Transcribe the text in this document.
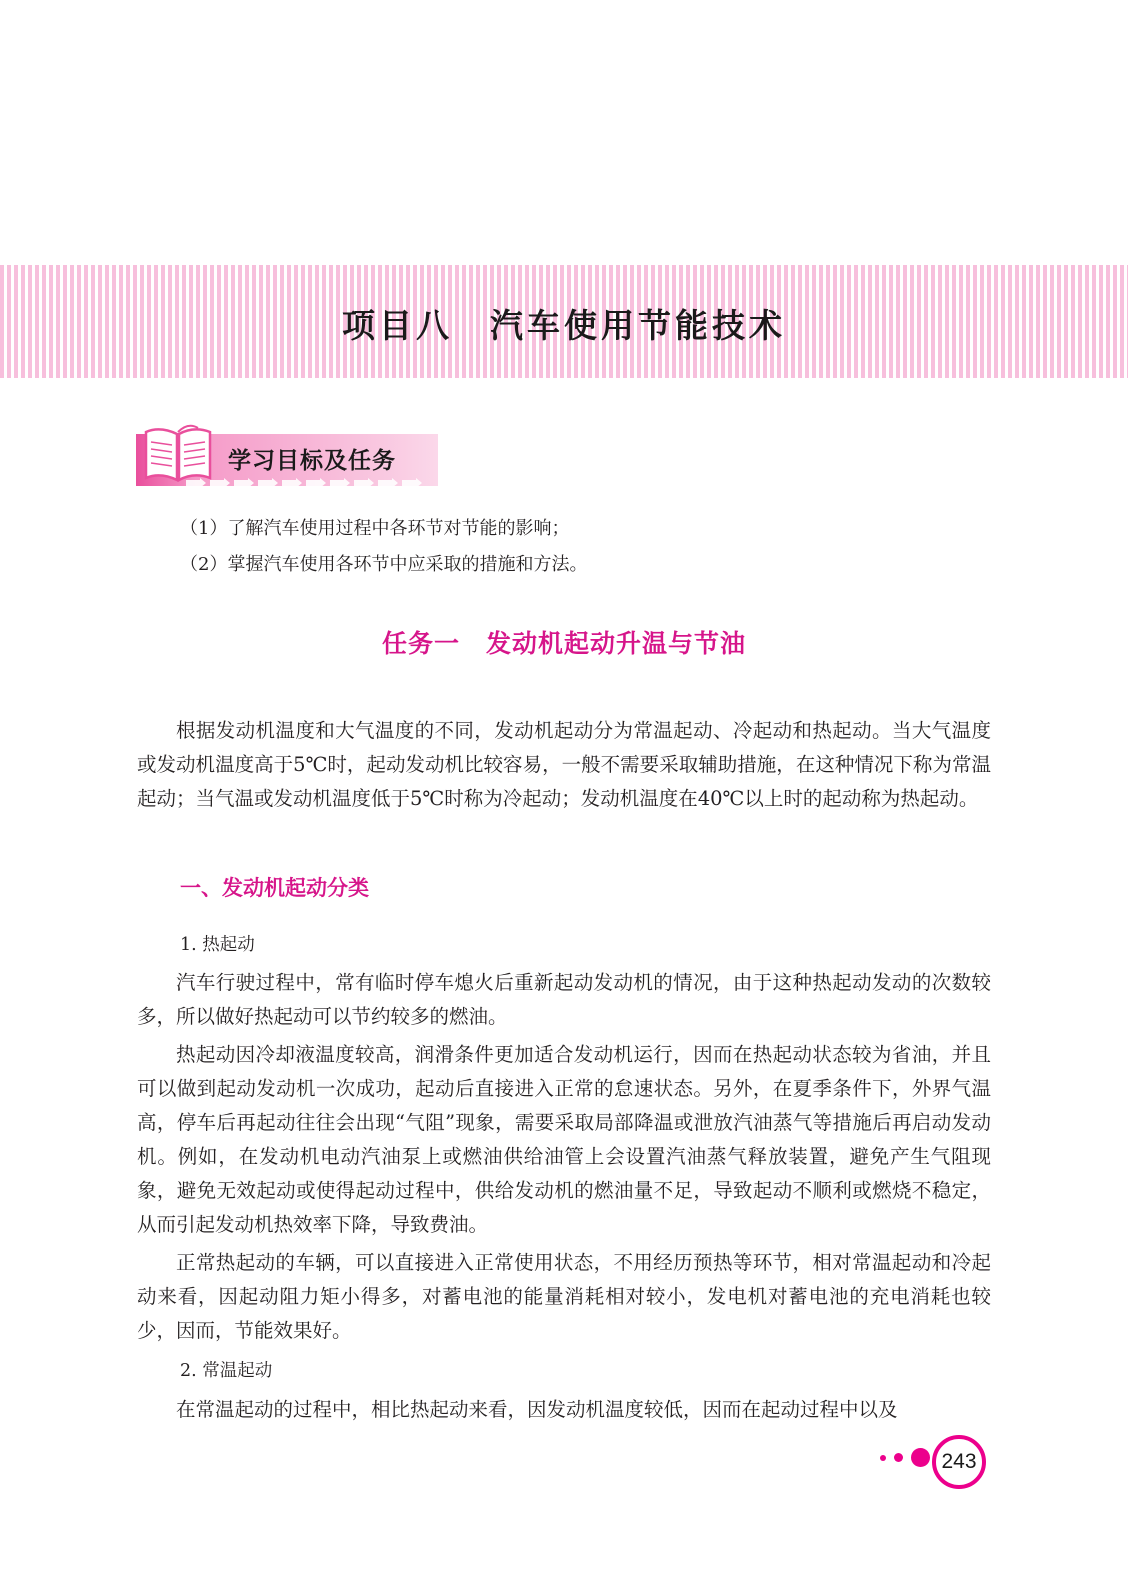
项目八　汽车使用节能技术
学习目标及任务
（1）了解汽车使用过程中各环节对节能的影响；
（2）掌握汽车使用各环节中应采取的措施和方法。
任务一　发动机起动升温与节油

根据发动机温度和大气温度的不同，发动机起动分为常温起动、冷起动和热起动。当大气温度或发动机温度高于5℃时，起动发动机比较容易，一般不需要采取辅助措施，在这种情况下称为常温起动；当气温或发动机温度低于5℃时称为冷起动；发动机温度在40℃以上时的起动称为热起动。

一、发动机起动分类
1. 热起动

汽车行驶过程中，常有临时停车熄火后重新起动发动机的情况，由于这种热起动发动的次数较多，所以做好热起动可以节约较多的燃油。

热起动因冷却液温度较高，润滑条件更加适合发动机运行，因而在热起动状态较为省油，并且可以做到起动发动机一次成功，起动后直接进入正常的怠速状态。另外，在夏季条件下，外界气温高，停车后再起动往往会出现“气阻”现象，需要采取局部降温或泄放汽油蒸气等措施后再启动发动机。例如，在发动机电动汽油泵上或燃油供给油管上会设置汽油蒸气释放装置，避免产生气阻现象，避免无效起动或使得起动过程中，供给发动机的燃油量不足，导致起动不顺利或燃烧不稳定，从而引起发动机热效率下降，导致费油。

正常热起动的车辆，可以直接进入正常使用状态，不用经历预热等环节，相对常温起动和冷起动来看，因起动阻力矩小得多，对蓄电池的能量消耗相对较小，发电机对蓄电池的充电消耗也较少，因而，节能效果好。

2. 常温起动

在常温起动的过程中，相比热起动来看，因发动机温度较低，因而在起动过程中以及

243
